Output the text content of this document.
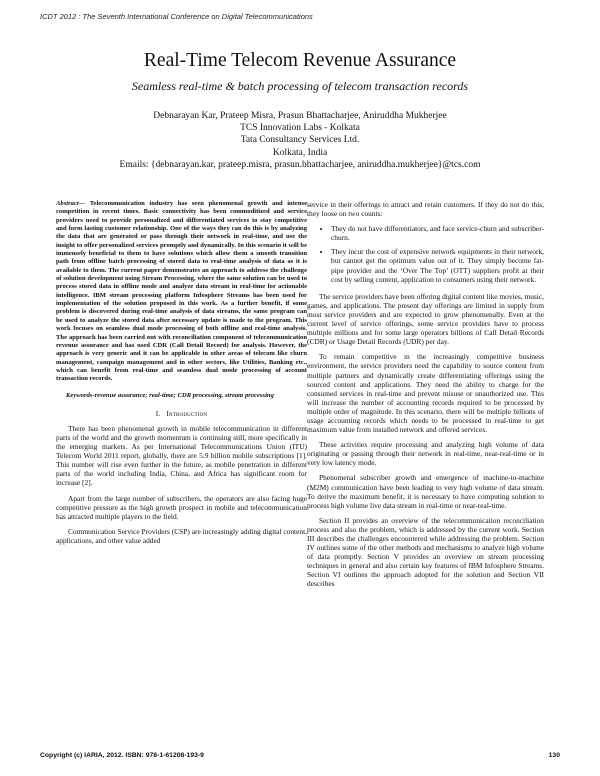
ICDT 2012 : The Seventh International Conference on Digital Telecommunications
Real-Time Telecom Revenue Assurance
Seamless real-time & batch processing of telecom transaction records
Debnarayan Kar, Prateep Misra, Prasun Bhattacharjee, Aniruddha Mukherjee
TCS Innovation Labs - Kolkata
Tata Consultancy Services Ltd.
Kolkata, India
Emails: {debnarayan.kar, prateep.misra, prasun.bhattacharjee, aniruddha.mukherjee}@tcs.com
Abstract— Telecommunication industry has seen phenomenal growth and intense competition in recent times. Basic connectivity has been commoditized and service providers need to provide personalized and differentiated services to stay competitive and form lasting customer relationship. One of the ways they can do this is by analyzing the data that are generated or pass through their network in real-time, and use the insight to offer personalized services promptly and dynamically. In this scenario it will be immensely beneficial to them to have solutions which allow them a smooth transition path from offline batch processing of stored data to real-time analysis of data as it is available to them. The current paper demonstrates an approach to address the challenge of solution development using Stream Processing, where the same solution can be used to process stored data in offline mode and analyze data stream in real-time for actionable intelligence. IBM stream processing platform Infosphere Streams has been used for implementation of the solution proposed in this work. As a further benefit, if some problem is discovered during real-time analysis of data streams, the same program can be used to analyze the stored data after necessary update is made to the program. This work focuses on seamless dual mode processing of both offline and real-time analysis. The approach has been carried out with reconciliation component of telecommunication revenue assurance and has used CDR (Call Detail Record) for analysis. However, the approach is very generic and it can be applicable in other areas of telecom like churn management, campaign management and in other sectors, like Utilities, Banking etc., which can benefit from real-time and seamless dual mode processing of account transaction records.
Keywords-revenue assurance; real-time; CDR processing, stream processing
I. Introduction

There has been phenomenal growth in mobile telecommunication in different parts of the world and the growth momentum is continuing still, more specifically in the emerging markets. As per International Telecommunications Union (ITU) Telecom World 2011 report, globally, there are 5.9 billion mobile subscriptions [1]. This number will rise even further in the future, as mobile penetration in different parts of the world including India, China, and Africa has significant room for increase [2].

Apart from the large number of subscribers, the operators are also facing huge competitive pressure as the high growth prospect in mobile and telecommunication has attracted multiple players to the field.

Communication Service Providers (CSP) are increasingly adding digital content, applications, and other value added

service in their offerings to attract and retain customers. If they do not do this, they loose on two counts:

• They do not have differentiators, and face service-churn and subscriber-churn.
• They incur the cost of expensive network equipments in their network, but cannot get the optimum value out of it. They simply become fat-pipe provider and the ‘Over The Top’ (OTT) suppliers profit at their cost by selling content, application to consumers using their network.

The service providers have been offering digital content like movies, music, games, and applications. The present day offerings are limited in supply from most service providers and are expected to grow phenomenally. Even at the current level of service offerings, some service providers have to process multiple millions and for some large operators billions of Call Detail Records (CDR) or Usage Detail Records (UDR) per day.

To remain competitive in the increasingly competitive business environment, the service providers need the capability to source content from multiple partners and dynamically create differentiating offerings using the sourced content and applications. They need the ability to charge for the consumed services in real-time and prevent misuse or unauthorized use. This will increase the number of accounting records required to be processed by multiple order of magnitude. In this scenario, there will be multiple billions of usage accounting records which needs to be processed in real-time to get maximum value from installed network and offered services.

These activities require processing and analyzing high volume of data originating or passing through their network in real-time, near-real-time or in very low latency mode.

Phenomenal subscriber growth and emergence of machine-to-machine (M2M) communication have been leading to very high volume of data stream. To derive the maximum benefit, it is necessary to have computing solution to process high volume live data stream in real-time or near-real-time.

Section II provides an overview of the telecommunication reconciliation process and also the problem, which is addressed by the current work. Section III describes the challenges encountered while addressing the problem. Section IV outlines some of the other methods and mechanisms to analyze high volume of data promptly. Section V provides an overview on stream processing techniques in general and also certain key features of IBM Infosphere Streams. Section VI outlines the approach adopted for the solution and Section VII describes

Copyright (c) IARIA, 2012. ISBN: 978-1-61208-193-9	130
